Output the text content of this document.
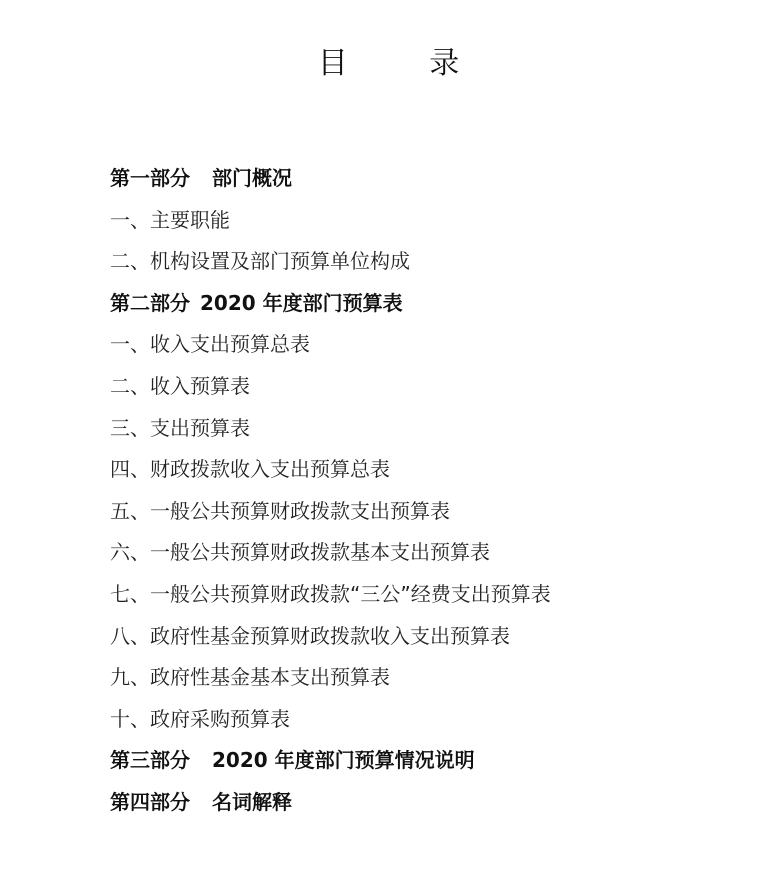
目 录
第一部分 部门概况
一、主要职能
二、机构设置及部门预算单位构成
第二部分 2020 年度部门预算表
一、收入支出预算总表
二、收入预算表
三、支出预算表
四、财政拨款收入支出预算总表
五、一般公共预算财政拨款支出预算表
六、一般公共预算财政拨款基本支出预算表
七、一般公共预算财政拨款“三公”经费支出预算表
八、政府性基金预算财政拨款收入支出预算表
九、政府性基金基本支出预算表
十、政府采购预算表
第三部分 2020 年度部门预算情况说明
第四部分 名词解释
